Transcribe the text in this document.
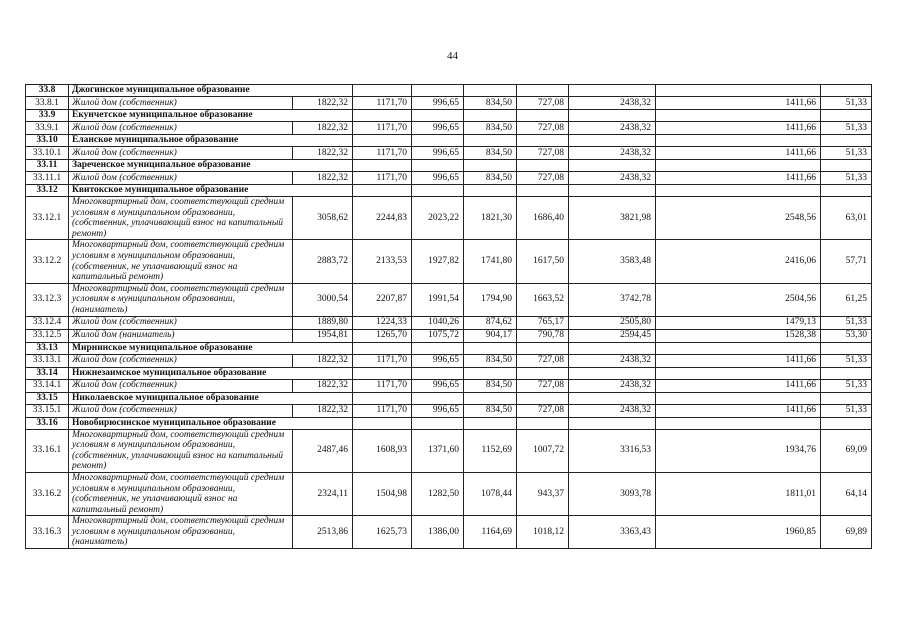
44
33.8	Джогинское муниципальное образование								
33.8.1	Жилой дом (собственник)	1822,32	1171,70	996,65	834,50	727,08	2438,32	1411,66	51,33
33.9	Екунчетское муниципальное образование								
33.9.1	Жилой дом (собственник)	1822,32	1171,70	996,65	834,50	727,08	2438,32	1411,66	51,33
33.10	Еланское муниципальное образование								
33.10.1	Жилой дом (собственник)	1822,32	1171,70	996,65	834,50	727,08	2438,32	1411,66	51,33
33.11	Зареченское муниципальное образование								
33.11.1	Жилой дом (собственник)	1822,32	1171,70	996,65	834,50	727,08	2438,32	1411,66	51,33
33.12	Квитокское муниципальное образование								
33.12.1	Многоквартирный дом, соответствующий средним условиям в муниципальном образовании, (собственник, уплачивающий взнос на капитальный ремонт)	3058,62	2244,83	2023,22	1821,30	1686,40	3821,98	2548,56	63,01
33.12.2	Многоквартирный дом, соответствующий средним условиям в муниципальном образовании, (собственник, не уплачивающий взнос на капитальный ремонт)	2883,72	2133,53	1927,82	1741,80	1617,50	3583,48	2416,06	57,71
33.12.3	Многоквартирный дом, соответствующий средним условиям в муниципальном образовании, (наниматель)	3000,54	2207,87	1991,54	1794,90	1663,52	3742,78	2504,56	61,25
33.12.4	Жилой дом (собственник)	1889,80	1224,33	1040,26	874,62	765,17	2505,80	1479,13	51,33
33.12.5	Жилой дом (наниматель)	1954,81	1265,70	1075,72	904,17	790,78	2594,45	1528,38	53,30
33.13	Мирнинское муниципальное образование								
33.13.1	Жилой дом (собственник)	1822,32	1171,70	996,65	834,50	727,08	2438,32	1411,66	51,33
33.14	Нижнезаимское муниципальное образование								
33.14.1	Жилой дом (собственник)	1822,32	1171,70	996,65	834,50	727,08	2438,32	1411,66	51,33
33.15	Николаевское муниципальное образование								
33.15.1	Жилой дом (собственник)	1822,32	1171,70	996,65	834,50	727,08	2438,32	1411,66	51,33
33.16	Новобирюсинское муниципальное образование								
33.16.1	Многоквартирный дом, соответствующий средним условиям в муниципальном образовании, (собственник, уплачивающий взнос на капитальный ремонт)	2487,46	1608,93	1371,60	1152,69	1007,72	3316,53	1934,76	69,09
33.16.2	Многоквартирный дом, соответствующий средним условиям в муниципальном образовании, (собственник, не уплачивающий взнос на капитальный ремонт)	2324,11	1504,98	1282,50	1078,44	943,37	3093,78	1811,01	64,14
33.16.3	Многоквартирный дом, соответствующий средним условиям в муниципальном образовании, (наниматель)	2513,86	1625,73	1386,00	1164,69	1018,12	3363,43	1960,85	69,89
